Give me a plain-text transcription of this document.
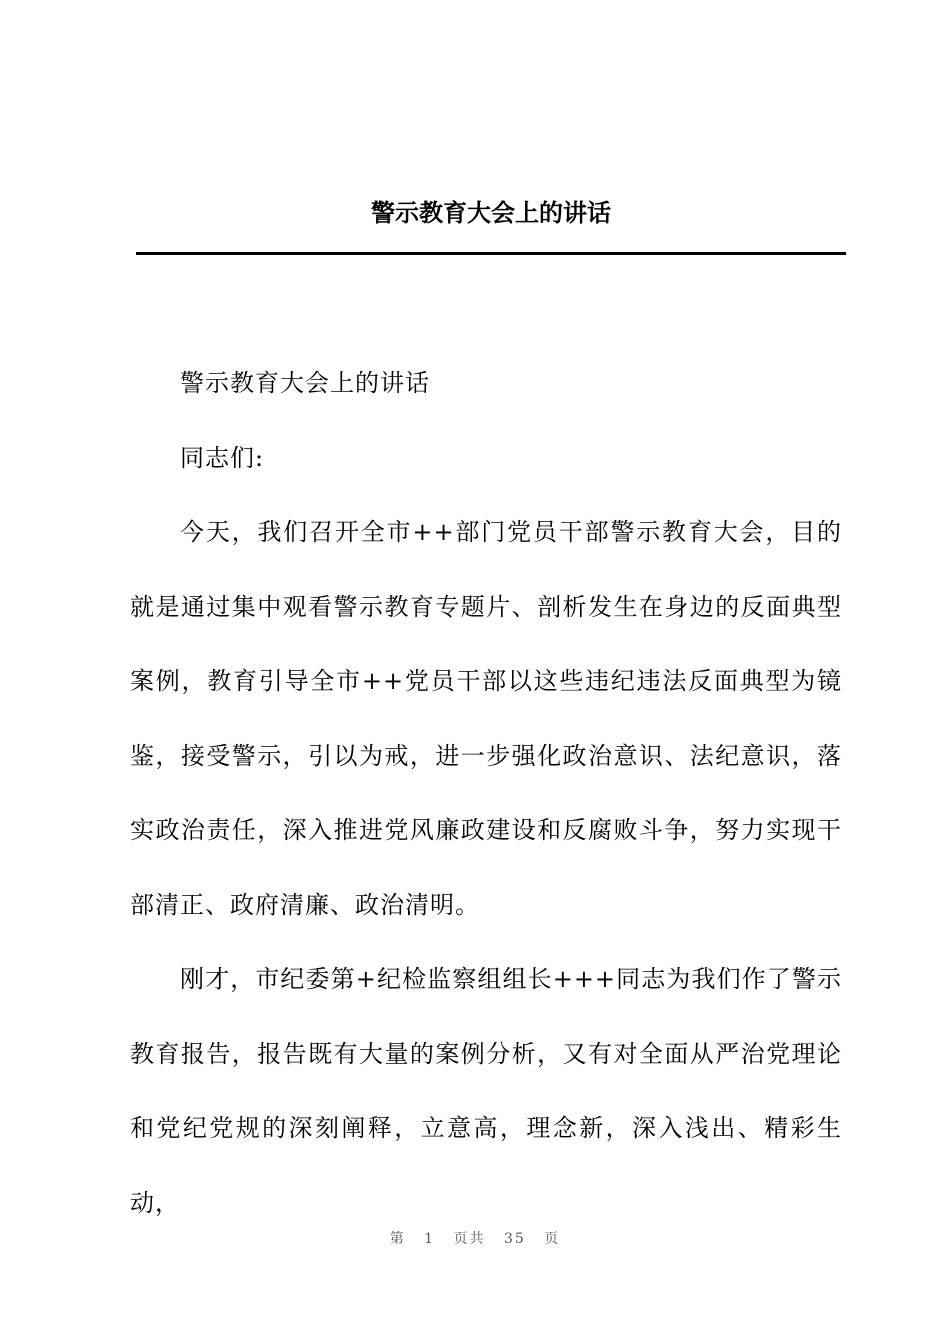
警示教育大会上的讲话

警示教育大会上的讲话

同志们:

今天，我们召开全市++部门党员干部警示教育大会，目的就是通过集中观看警示教育专题片、剖析发生在身边的反面典型案例，教育引导全市++党员干部以这些违纪违法反面典型为镜鉴，接受警示，引以为戒，进一步强化政治意识、法纪意识，落实政治责任，深入推进党风廉政建设和反腐败斗争，努力实现干部清正、政府清廉、政治清明。

刚才，市纪委第+纪检监察组组长+++同志为我们作了警示教育报告，报告既有大量的案例分析，又有对全面从严治党理论和党纪党规的深刻阐释，立意高，理念新，深入浅出、精彩生动，

第 1 页共 35 页
